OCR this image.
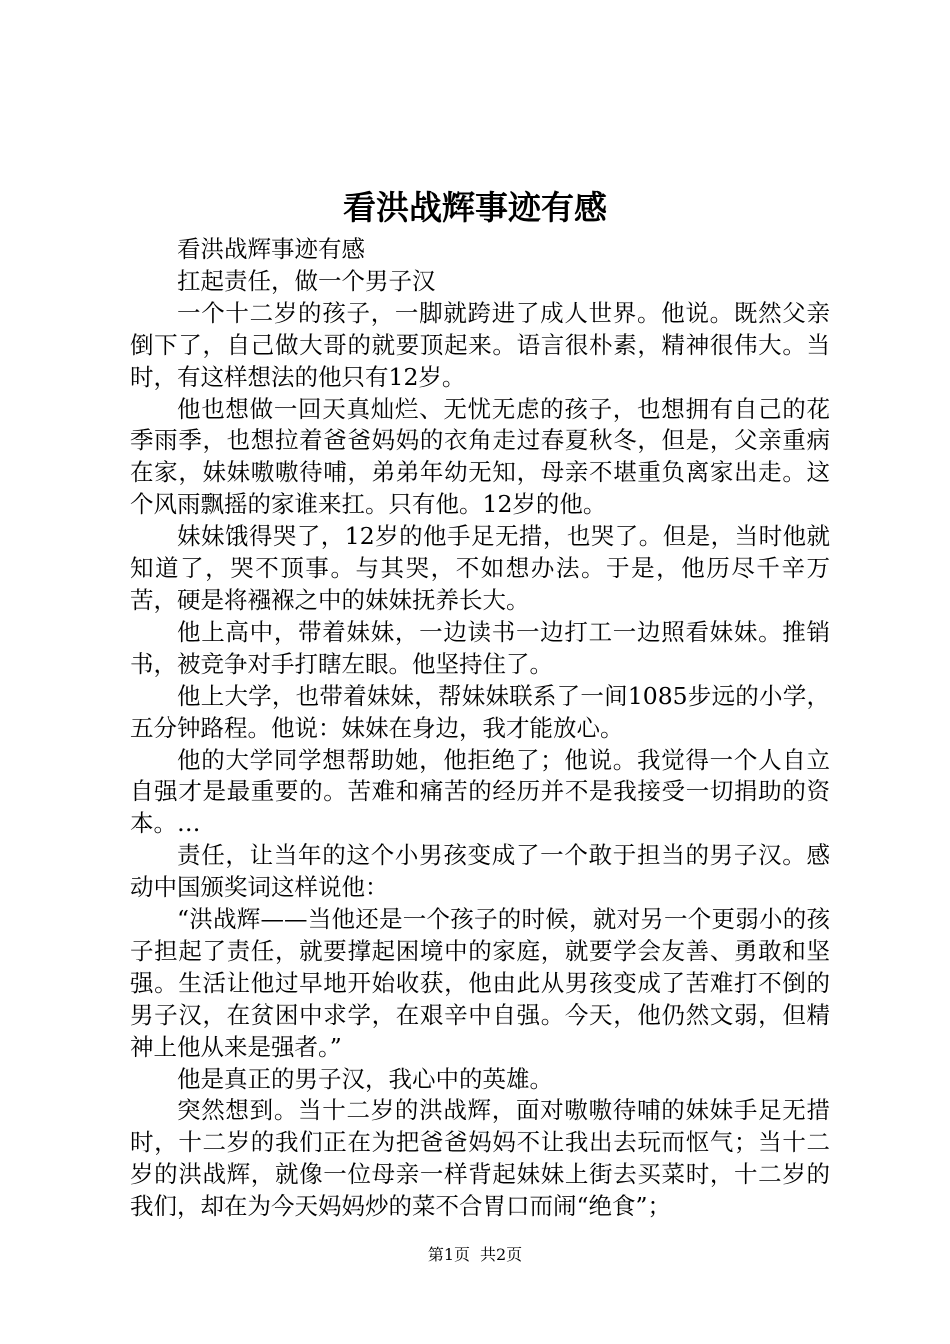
看洪战辉事迹有感

看洪战辉事迹有感

扛起责任，做一个男子汉

一个十二岁的孩子，一脚就跨进了成人世界。他说。既然父亲倒下了，自己做大哥的就要顶起来。语言很朴素，精神很伟大。当时，有这样想法的他只有12岁。

他也想做一回天真灿烂、无忧无虑的孩子，也想拥有自己的花季雨季，也想拉着爸爸妈妈的衣角走过春夏秋冬，但是，父亲重病在家，妹妹嗷嗷待哺，弟弟年幼无知，母亲不堪重负离家出走。这个风雨飘摇的家谁来扛。只有他。12岁的他。

妹妹饿得哭了，12岁的他手足无措，也哭了。但是，当时他就知道了，哭不顶事。与其哭，不如想办法。于是，他历尽千辛万苦，硬是将襁褓之中的妹妹抚养长大。

他上高中，带着妹妹，一边读书一边打工一边照看妹妹。推销书，被竞争对手打瞎左眼。他坚持住了。

他上大学，也带着妹妹，帮妹妹联系了一间1085步远的小学，五分钟路程。他说：妹妹在身边，我才能放心。

他的大学同学想帮助她，他拒绝了；他说。我觉得一个人自立自强才是最重要的。苦难和痛苦的经历并不是我接受一切捐助的资本。…

责任，让当年的这个小男孩变成了一个敢于担当的男子汉。感动中国颁奖词这样说他：

“洪战辉——当他还是一个孩子的时候，就对另一个更弱小的孩子担起了责任，就要撑起困境中的家庭，就要学会友善、勇敢和坚强。生活让他过早地开始收获，他由此从男孩变成了苦难打不倒的男子汉，在贫困中求学，在艰辛中自强。今天，他仍然文弱，但精神上他从来是强者。”

他是真正的男子汉，我心中的英雄。

突然想到。当十二岁的洪战辉，面对嗷嗷待哺的妹妹手足无措时，十二岁的我们正在为把爸爸妈妈不让我出去玩而怄气；当十二岁的洪战辉，就像一位母亲一样背起妹妹上街去买菜时，十二岁的我们，却在为今天妈妈炒的菜不合胃口而闹“绝食”；

第1页 共2页
